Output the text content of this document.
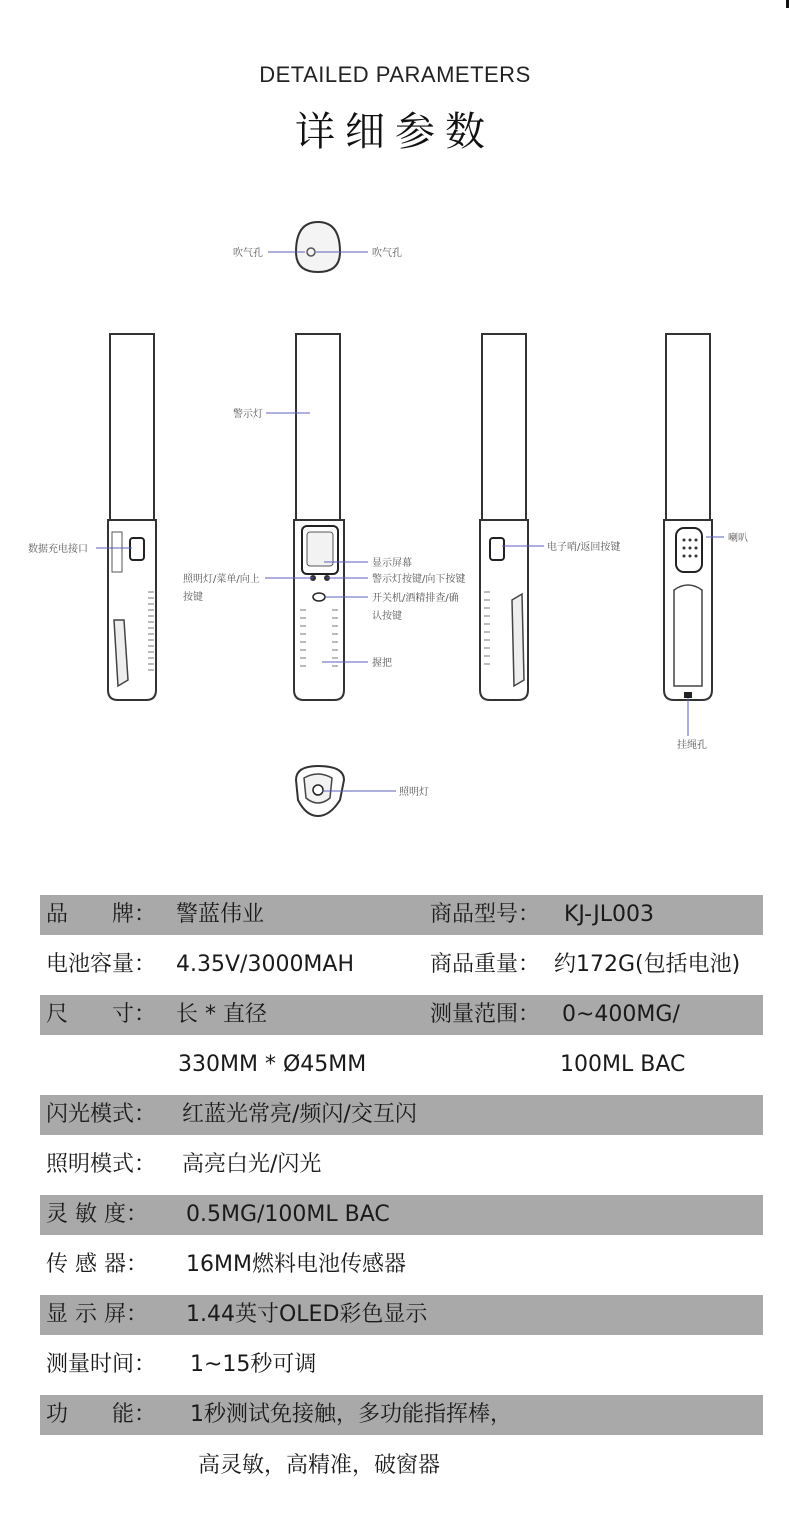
DETAILED PARAMETERS
详细参数
吹气孔	吹气孔
数据充电接口
警示灯
显示屏幕
照明灯/菜单/向上
按键
警示灯按键/向下按键
开关机/酒精排查/确
认按键
握把
电子哨/返回按键
喇叭
挂绳孔
照明灯
品　　牌： 警蓝伟业	商品型号： KJ-JL003
电池容量： 4.35V/3000MAH	商品重量： 约172G(包括电池)
尺　　寸： 长 * 直径	测量范围： 0~400MG/
330MM * Ø45MM	100ML BAC
闪光模式： 红蓝光常亮/频闪/交互闪
照明模式： 高亮白光/闪光
灵 敏 度： 0.5MG/100ML BAC
传 感 器： 16MM燃料电池传感器
显 示 屏： 1.44英寸OLED彩色显示
测量时间： 1~15秒可调
功　　能： 1秒测试免接触，多功能指挥棒，
高灵敏，高精准，破窗器
